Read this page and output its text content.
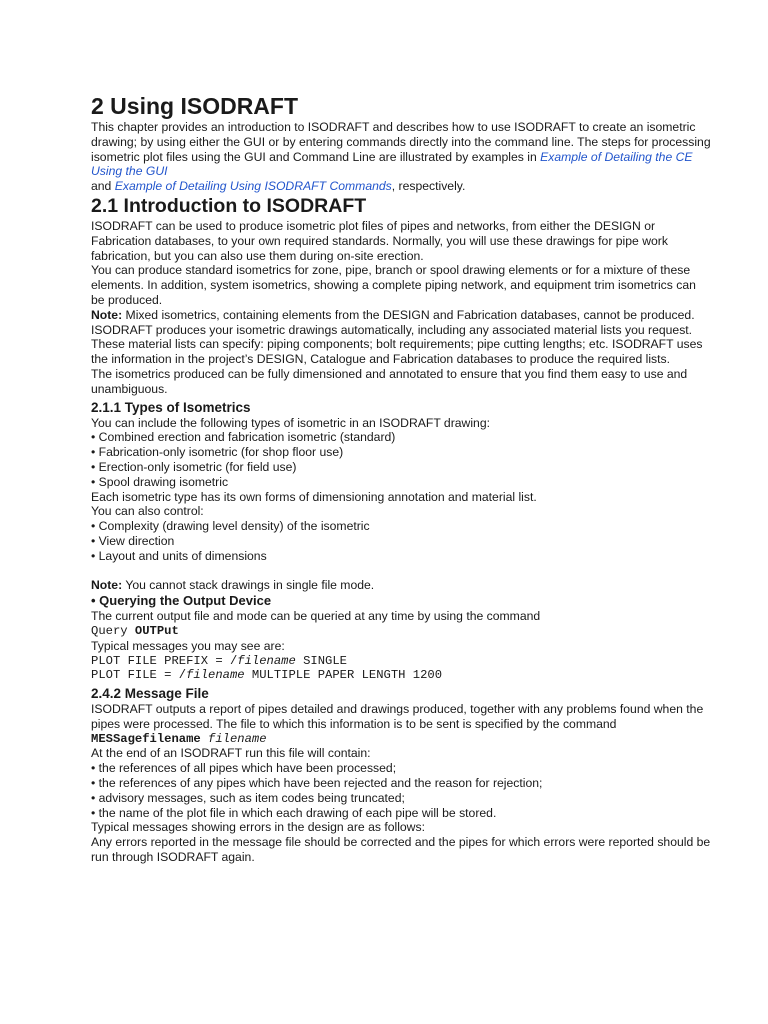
2 Using ISODRAFT

This chapter provides an introduction to ISODRAFT and describes how to use ISODRAFT to create an isometric drawing; by using either the GUI or by entering commands directly into the command line. The steps for processing isometric plot files using the GUI and Command Line are illustrated by examples in Example of Detailing the CE Using the GUI
and Example of Detailing Using ISODRAFT Commands, respectively.

2.1 Introduction to ISODRAFT

ISODRAFT can be used to produce isometric plot files of pipes and networks, from either the DESIGN or Fabrication databases, to your own required standards. Normally, you will use these drawings for pipe work fabrication, but you can also use them during on-site erection.

You can produce standard isometrics for zone, pipe, branch or spool drawing elements or for a mixture of these elements. In addition, system isometrics, showing a complete piping network, and equipment trim isometrics can be produced.

Note: Mixed isometrics, containing elements from the DESIGN and Fabrication databases, cannot be produced.

ISODRAFT produces your isometric drawings automatically, including any associated material lists you request. These material lists can specify: piping components; bolt requirements; pipe cutting lengths; etc. ISODRAFT uses the information in the project’s DESIGN, Catalogue and Fabrication databases to produce the required lists.

The isometrics produced can be fully dimensioned and annotated to ensure that you find them easy to use and unambiguous.

2.1.1 Types of Isometrics

You can include the following types of isometric in an ISODRAFT drawing:

• Combined erection and fabrication isometric (standard)
• Fabrication-only isometric (for shop floor use)
• Erection-only isometric (for field use)
• Spool drawing isometric

Each isometric type has its own forms of dimensioning annotation and material list.

You can also control:

• Complexity (drawing level density) of the isometric
• View direction
• Layout and units of dimensions

Note: You cannot stack drawings in single file mode.

• Querying the Output Device

The current output file and mode can be queried at any time by using the command

Query OUTPut

Typical messages you may see are:

PLOT FILE PREFIX = /filename SINGLE

PLOT FILE = /filename MULTIPLE PAPER LENGTH 1200

2.4.2 Message File

ISODRAFT outputs a report of pipes detailed and drawings produced, together with any problems found when the pipes were processed. The file to which this information is to be sent is specified by the command

MESSagefilename filename

At the end of an ISODRAFT run this file will contain:

• the references of all pipes which have been processed;
• the references of any pipes which have been rejected and the reason for rejection;
• advisory messages, such as item codes being truncated;
• the name of the plot file in which each drawing of each pipe will be stored.

Typical messages showing errors in the design are as follows:

Any errors reported in the message file should be corrected and the pipes for which errors were reported should be run through ISODRAFT again.
